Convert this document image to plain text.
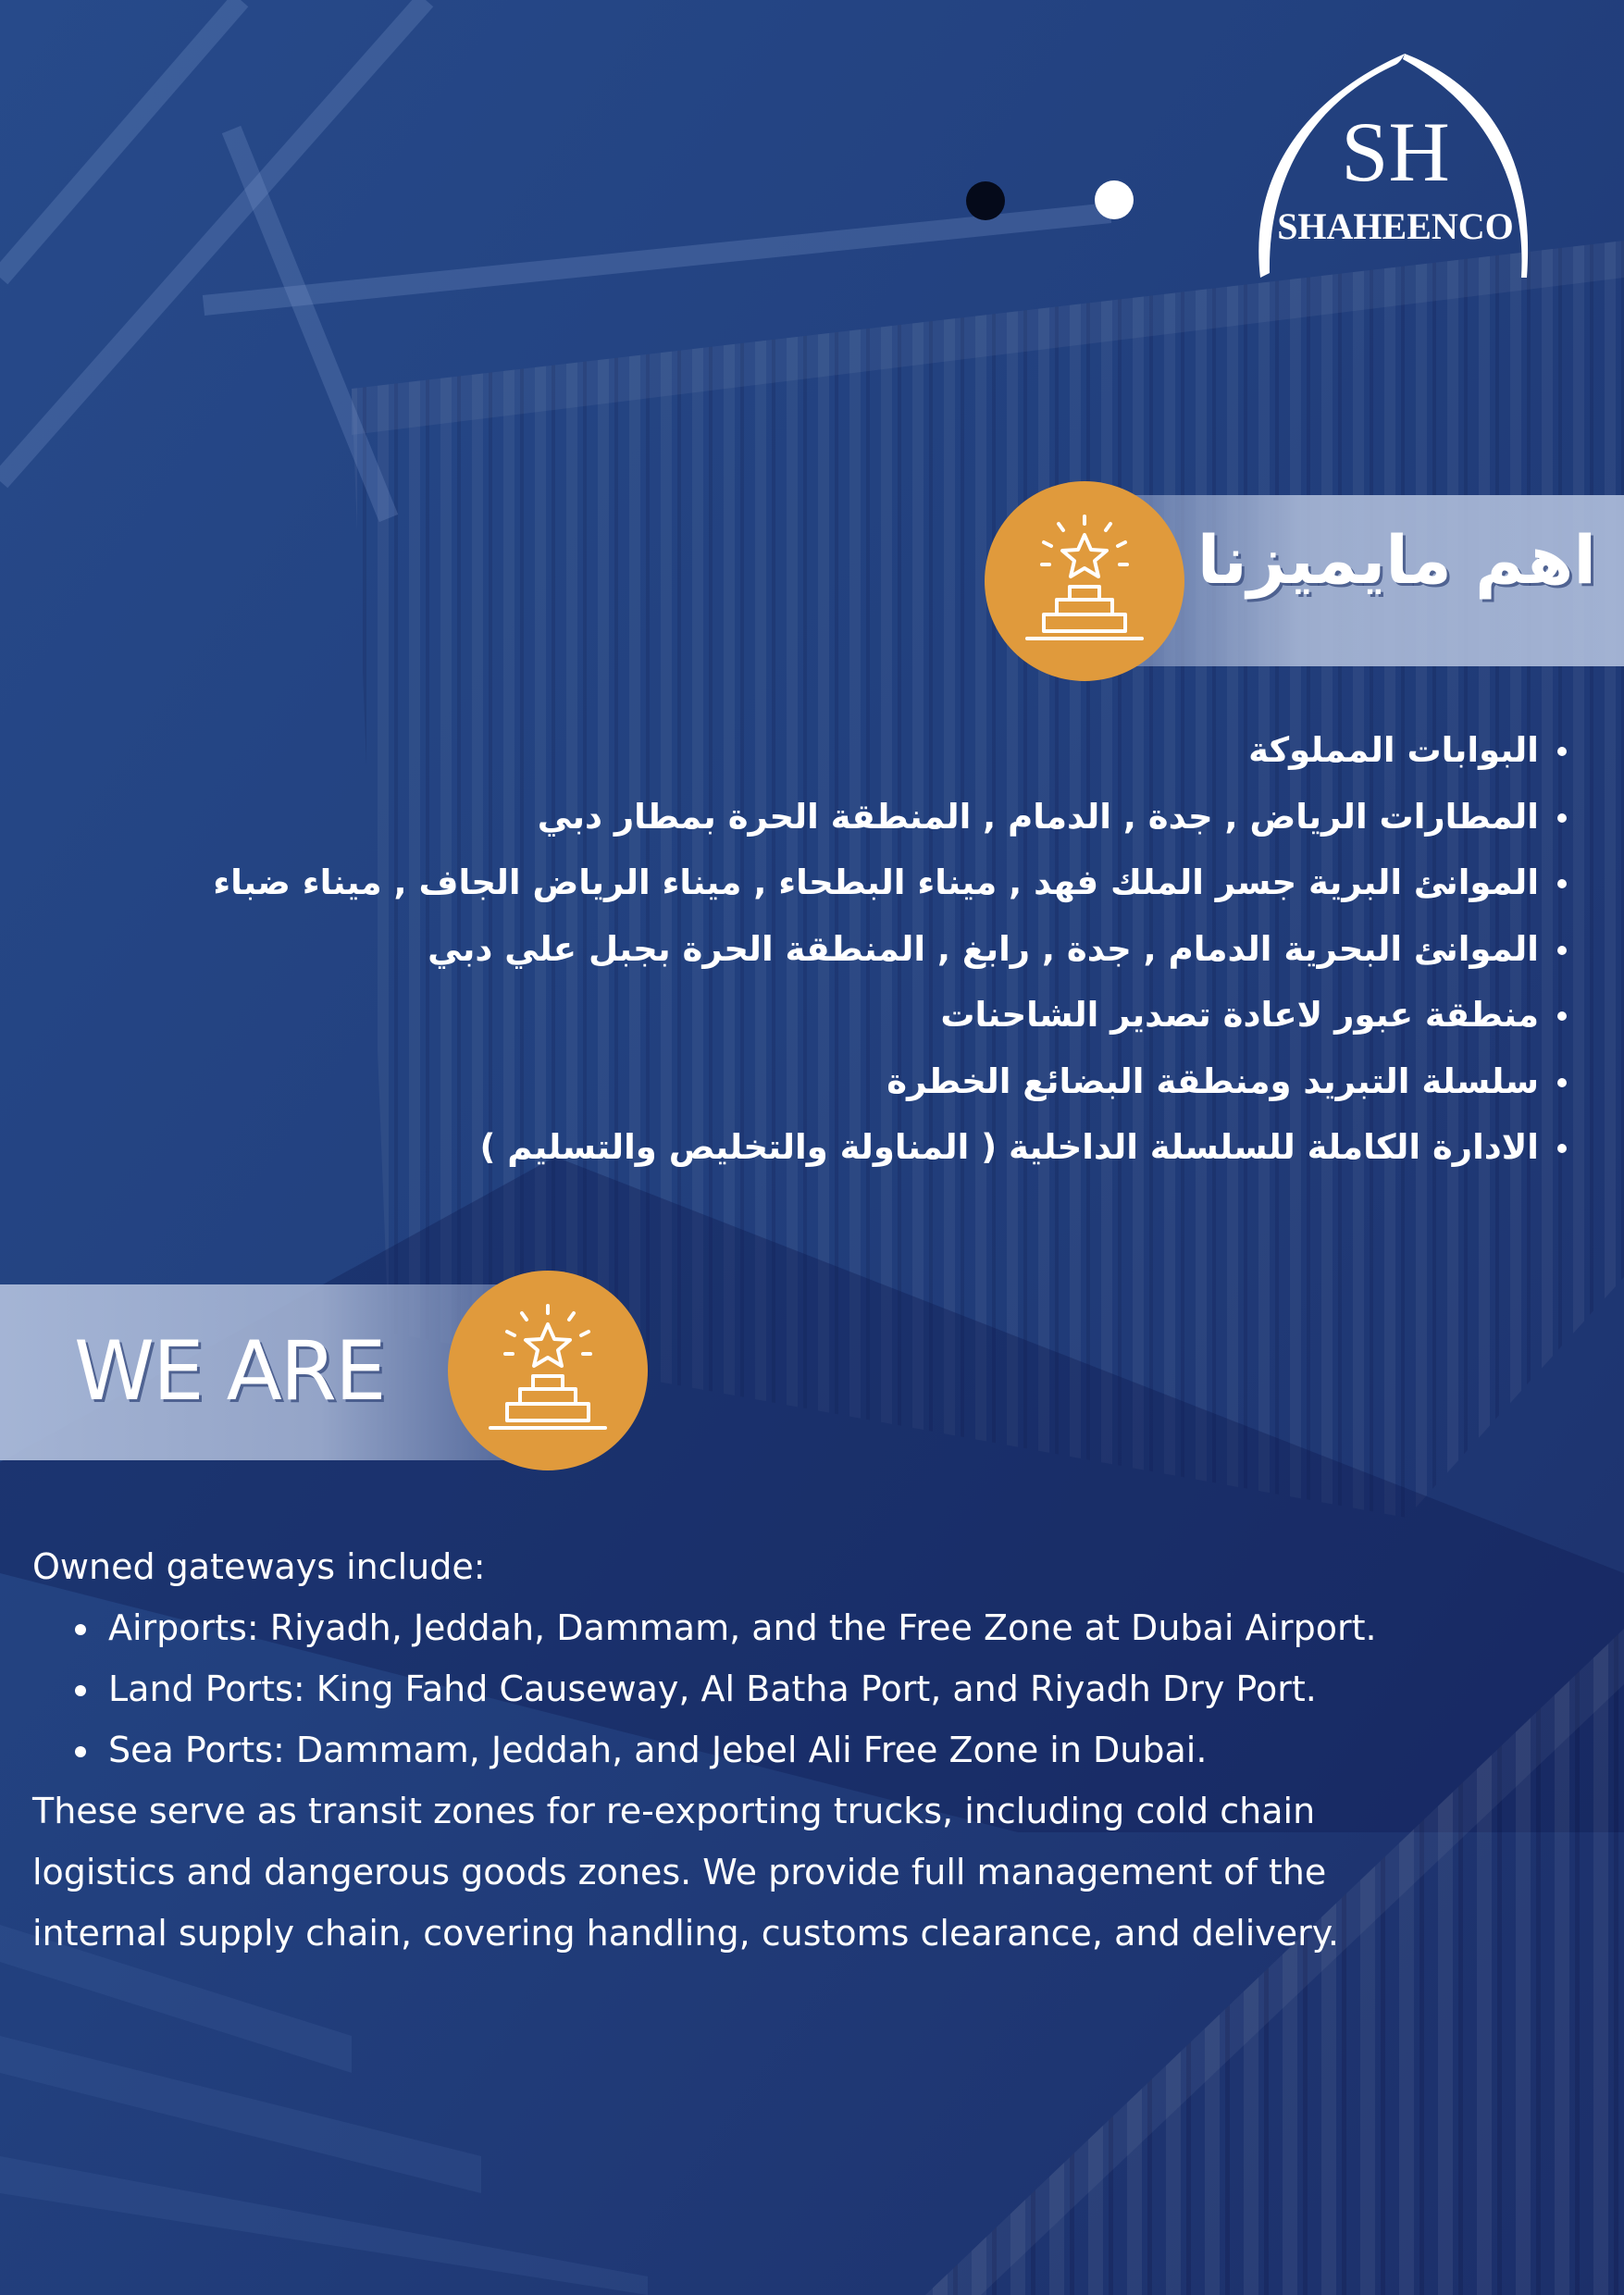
SH
SHAHEENCO
اهم مايميزنا
البوابات المملوكة
المطارات الرياض , جدة , الدمام , المنطقة الحرة بمطار دبي
الموانئ البرية جسر الملك فهد , ميناء البطحاء , ميناء الرياض الجاف , ميناء ضباء
الموانئ البحرية الدمام , جدة , رابغ , المنطقة الحرة بجبل علي دبي
منطقة عبور لاعادة تصدير الشاحنات
سلسلة التبريد ومنطقة البضائع الخطرة
الادارة الكاملة للسلسلة الداخلية ( المناولة والتخليص والتسليم )
WE ARE
Owned gateways include:
Airports: Riyadh, Jeddah, Dammam, and the Free Zone at Dubai Airport.
Land Ports: King Fahd Causeway, Al Batha Port, and Riyadh Dry Port.
Sea Ports: Dammam, Jeddah, and Jebel Ali Free Zone in Dubai.
These serve as transit zones for re-exporting trucks, including cold chain
logistics and dangerous goods zones. We provide full management of the
internal supply chain, covering handling, customs clearance, and delivery.
